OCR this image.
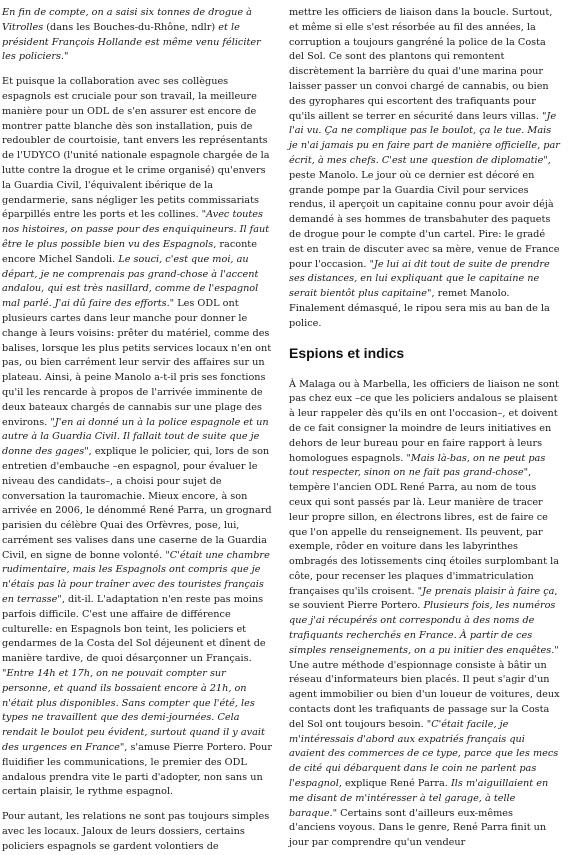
En fin de compte, on a saisi six tonnes de drogue à Vitrolles (dans les Bouches-du-Rhône, ndlr) et le président François Hollande est même venu féliciter les policiers."

Et puisque la collaboration avec ses collègues espagnols est cruciale pour son travail, la meilleure manière pour un ODL de s'en assurer est encore de montrer patte blanche dès son installation, puis de redoubler de courtoisie, tant envers les représentants de l'UDYCO (l'unité nationale espagnole chargée de la lutte contre la drogue et le crime organisé) qu'envers la Guardia Civil, l'équivalent ibérique de la gendarmerie, sans négliger les petits commissariats éparpillés entre les ports et les collines. "Avec toutes nos histoires, on passe pour des enquiquineurs. Il faut être le plus possible bien vu des Espagnols, raconte encore Michel Sandoli. Le souci, c'est que moi, au départ, je ne comprenais pas grand-chose à l'accent andalou, qui est très nasillard, comme de l'espagnol mal parlé. J'ai dû faire des efforts." Les ODL ont plusieurs cartes dans leur manche pour donner le change à leurs voisins: prêter du matériel, comme des balises, lorsque les plus petits services locaux n'en ont pas, ou bien carrément leur servir des affaires sur un plateau. Ainsi, à peine Manolo a-t-il pris ses fonctions qu'il les rencarde à propos de l'arrivée imminente de deux bateaux chargés de cannabis sur une plage des environs. "J'en ai donné un à la police espagnole et un autre à la Guardia Civil. Il fallait tout de suite que je donne des gages", explique le policier, qui, lors de son entretien d'embauche –en espagnol, pour évaluer le niveau des candidats–, a choisi pour sujet de conversation la tauromachie. Mieux encore, à son arrivée en 2006, le dénommé René Parra, un grognard parisien du célèbre Quai des Orfèvres, pose, lui, carrément ses valises dans une caserne de la Guardia Civil, en signe de bonne volonté. "C'était une chambre rudimentaire, mais les Espagnols ont compris que je n'étais pas là pour traîner avec des touristes français en terrasse", dit-il. L'adaptation n'en reste pas moins parfois difficile. C'est une affaire de différence culturelle: en Espagnols bon teint, les policiers et gendarmes de la Costa del Sol déjeunent et dînent de manière tardive, de quoi désarçonner un Français. "Entre 14h et 17h, on ne pouvait compter sur personne, et quand ils bossaient encore à 21h, on n'était plus disponibles. Sans compter que l'été, les types ne travaillent que des demi-journées. Cela rendait le boulot peu évident, surtout quand il y avait des urgences en France", s'amuse Pierre Portero. Pour fluidifier les communications, le premier des ODL andalous prendra vite le parti d'adopter, non sans un certain plaisir, le rythme espagnol.

Pour autant, les relations ne sont pas toujours simples avec les locaux. Jaloux de leurs dossiers, certains policiers espagnols se gardent volontiers de

mettre les officiers de liaison dans la boucle. Surtout, et même si elle s'est résorbée au fil des années, la corruption a toujours gangréné la police de la Costa del Sol. Ce sont des plantons qui remontent discrètement la barrière du quai d'une marina pour laisser passer un convoi chargé de cannabis, ou bien des gyrophares qui escortent des trafiquants pour qu'ils aillent se terrer en sécurité dans leurs villas. "Je l'ai vu. Ça ne complique pas le boulot, ça le tue. Mais je n'ai jamais pu en faire part de manière officielle, par écrit, à mes chefs. C'est une question de diplomatie", peste Manolo. Le jour où ce dernier est décoré en grande pompe par la Guardia Civil pour services rendus, il aperçoit un capitaine connu pour avoir déjà demandé à ses hommes de transbahuter des paquets de drogue pour le compte d'un cartel. Pire: le gradé est en train de discuter avec sa mère, venue de France pour l'occasion. "Je lui ai dit tout de suite de prendre ses distances, en lui expliquant que le capitaine ne serait bientôt plus capitaine", remet Manolo. Finalement démasqué, le ripou sera mis au ban de la police.

Espions et indics

À Malaga ou à Marbella, les officiers de liaison ne sont pas chez eux –ce que les policiers andalous se plaisent à leur rappeler dès qu'ils en ont l'occasion–, et doivent de ce fait consigner la moindre de leurs initiatives en dehors de leur bureau pour en faire rapport à leurs homologues espagnols. "Mais là-bas, on ne peut pas tout respecter, sinon on ne fait pas grand-chose", tempère l'ancien ODL René Parra, au nom de tous ceux qui sont passés par là. Leur manière de tracer leur propre sillon, en électrons libres, est de faire ce que l'on appelle du renseignement. Ils peuvent, par exemple, rôder en voiture dans les labyrinthes ombragés des lotissements cinq étoiles surplombant la côte, pour recenser les plaques d'immatriculation françaises qu'ils croisent. "Je prenais plaisir à faire ça, se souvient Pierre Portero. Plusieurs fois, les numéros que j'ai récupérés ont correspondu à des noms de trafiquants recherchés en France. À partir de ces simples renseignements, on a pu initier des enquêtes." Une autre méthode d'espionnage consiste à bâtir un réseau d'informateurs bien placés. Il peut s'agir d'un agent immobilier ou bien d'un loueur de voitures, deux contacts dont les trafiquants de passage sur la Costa del Sol ont toujours besoin. "C'était facile, je m'intéressais d'abord aux expatriés français qui avaient des commerces de ce type, parce que les mecs de cité qui débarquent dans le coin ne parlent pas l'espagnol, explique René Parra. Ils m'aiguillaient en me disant de m'intéresser à tel garage, à telle baraque." Certains sont d'ailleurs eux-mêmes d'anciens voyous. Dans le genre, René Parra finit un jour par comprendre qu'un vendeur
